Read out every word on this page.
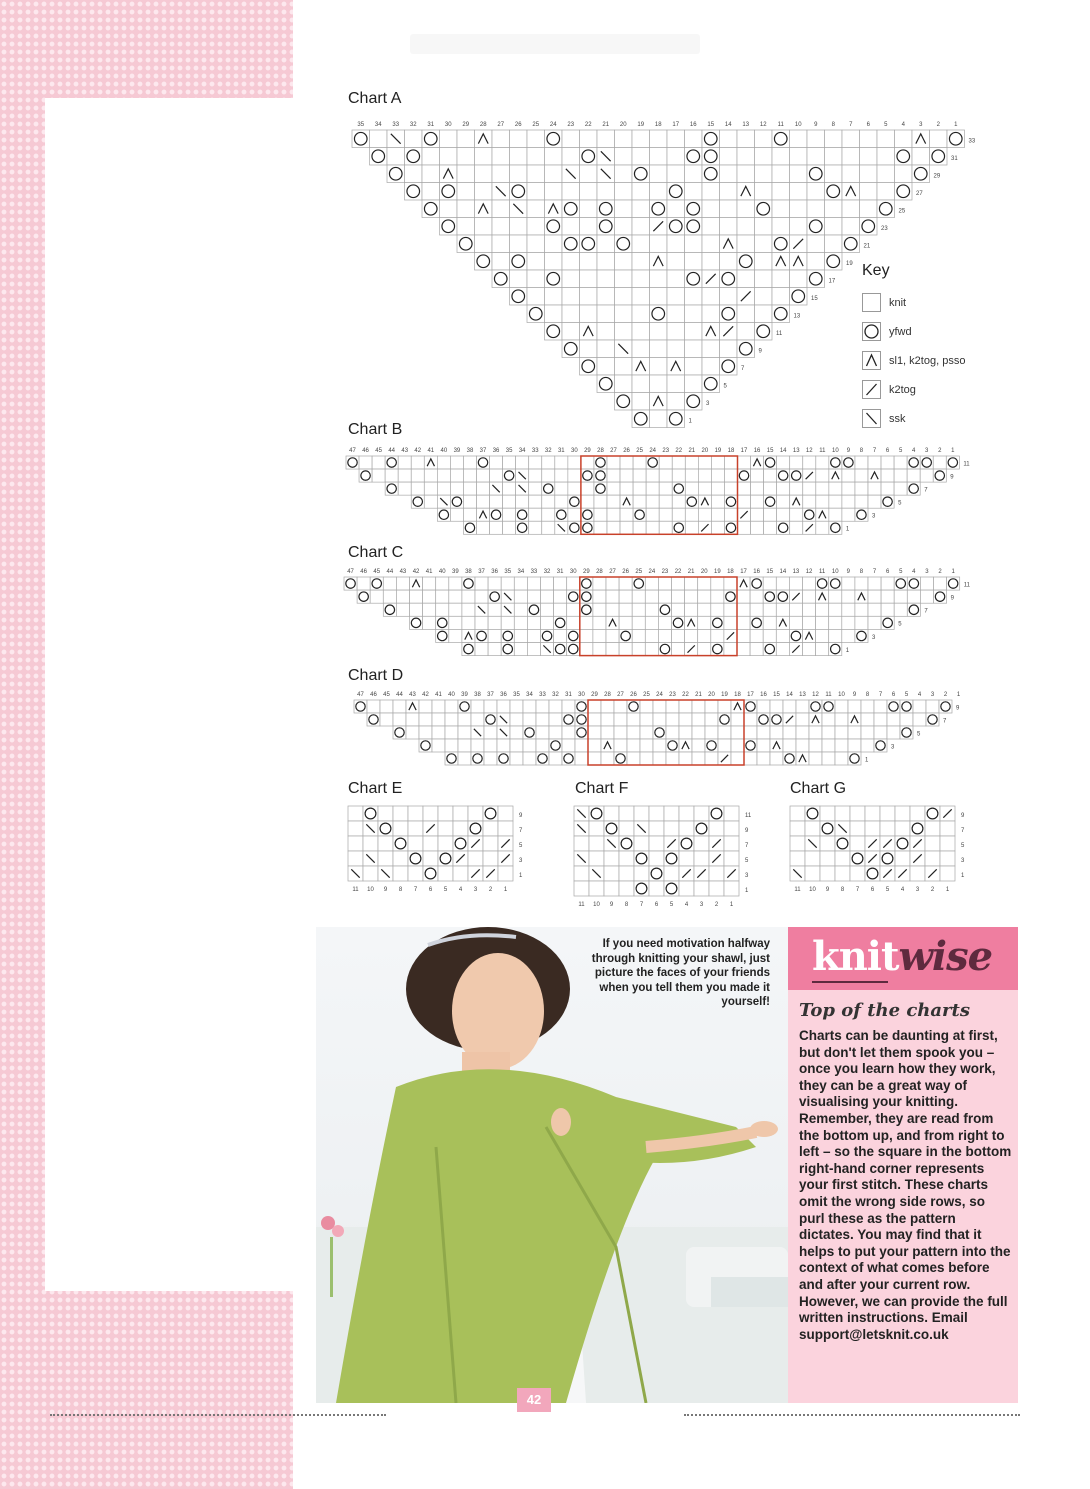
Chart A
Chart B
Chart C
Chart D
Chart E	Chart F	Chart G
35 34 33 32 31 30 29 28 27 26 25 24 23 22 21 20 19 18 17 16 15 14 13 12 11 10 9 8 7 6 5 4 3 2 1
33
31
29
27
25
23
21
19
17
15
13
11
9
7
5
3
1
47 46 45 44 43 42 41 40 39 38 37 36 35 34 33 32 31 30 29 28 27 26 25 24 23 22 21 20 19 18 17 16 15 14 13 12 11 10 9 8 7 6 5 4 3 2 1
11
9
7
5
3
1
47 46 45 44 43 42 41 40 39 38 37 36 35 34 33 32 31 30 29 28 27 26 25 24 23 22 21 20 19 18 17 16 15 14 13 12 11 10 9 8 7 6 5 4 3 2 1
11
9
7
5
3
1
47 46 45 44 43 42 41 40 39 38 37 36 35 34 33 32 31 30 29 28 27 26 25 24 23 22 21 20 19 18 17 16 15 14 13 12 11 10 9 8 7 6 5 4 3 2 1
9
7
5
3
1
9
7
5
3
1
11 10 9 8 7 6 5 4 3 2 1
11
9
7
5
3
1
11 10 9 8 7 6 5 4 3 2 1
9
7
5
3
1
11 10 9 8 7 6 5 4 3 2 1
Key
knit
yfwd
sl1, k2tog, psso
k2tog
ssk
If you need motivation halfway through knitting your shawl, just picture the faces of your friends when you tell them you made it yourself!
42
knitwise
Top of the charts
Charts can be daunting at first, but don't let them spook you – once you learn how they work, they can be a great way of visualising your knitting. Remember, they are read from the bottom up, and from right to left – so the square in the bottom right-hand corner represents your first stitch. These charts omit the wrong side rows, so purl these as the pattern dictates. You may find that it helps to put your pattern into the context of what comes before and after your current row. However, we can provide the full written instructions. Email support@letsknit.co.uk
